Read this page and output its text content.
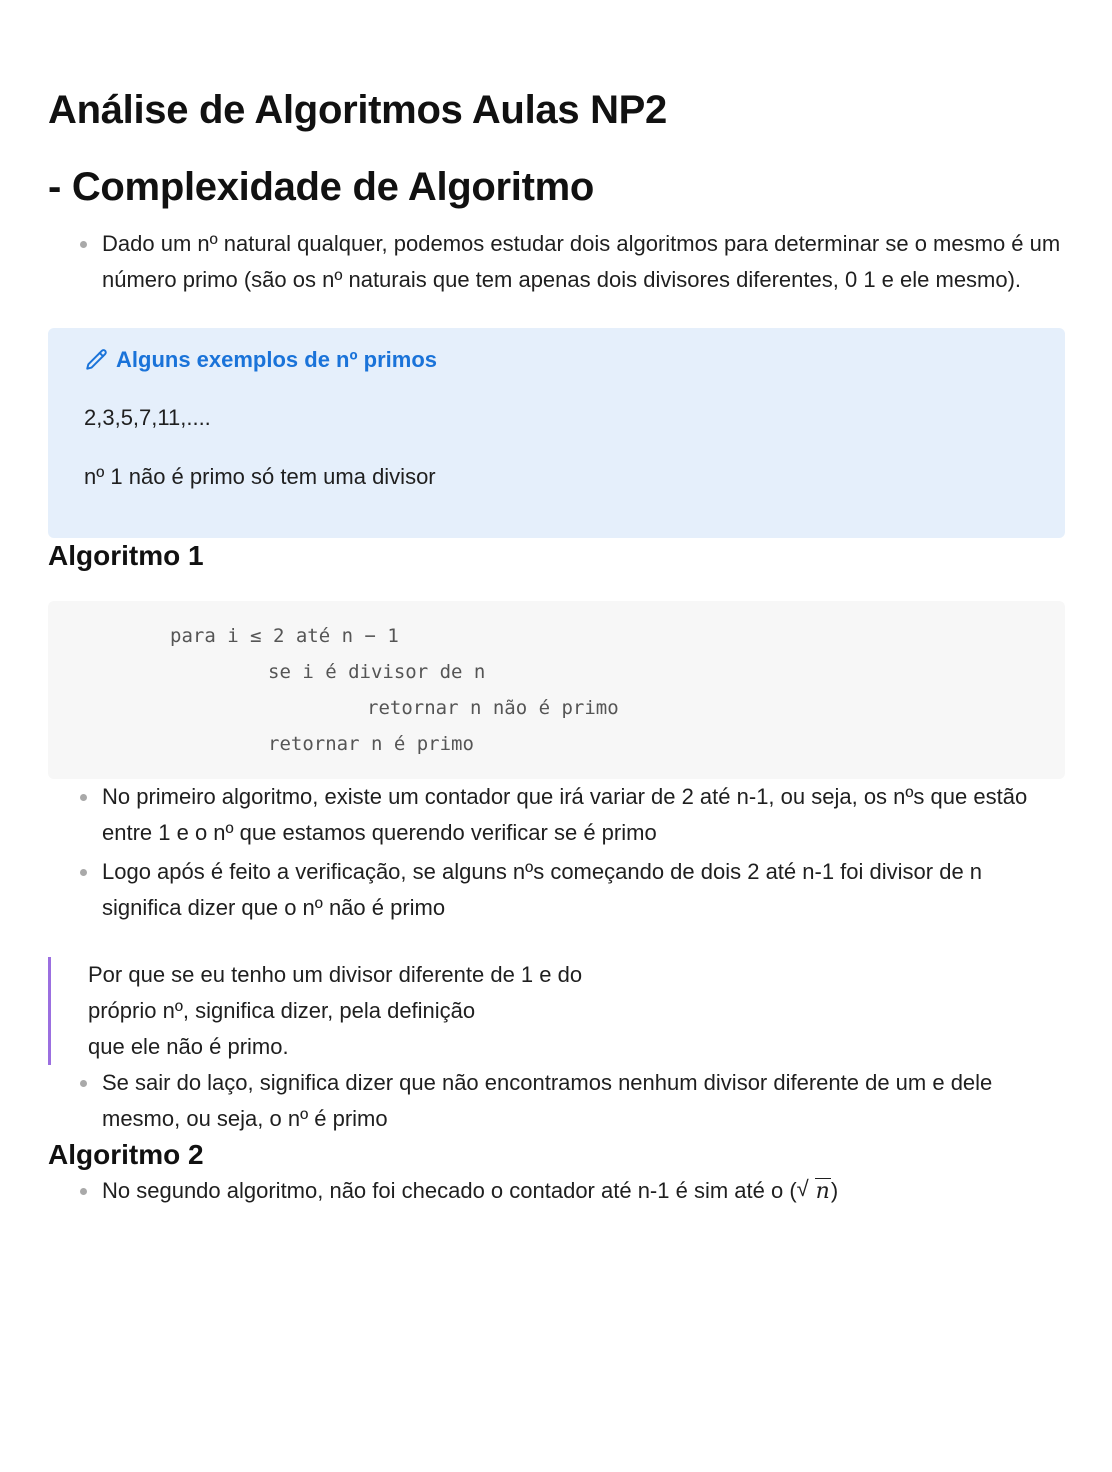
Análise de Algoritmos Aulas NP2
- Complexidade de Algoritmo
Dado um nº natural qualquer, podemos estudar dois algoritmos para determinar se o mesmo é um número primo (são os nº naturais que tem apenas dois divisores diferentes, 0 1 e ele mesmo).
Alguns exemplos de nº primos

2,3,5,7,11,....

nº 1 não é primo só tem uma divisor

Algoritmo 1
para i ≤ 2 até n − 1
se i é divisor de n
retornar n não é primo
retornar n é primo
No primeiro algoritmo, existe um contador que irá variar de 2 até n-1, ou seja, os nºs que estão entre 1 e o nº que estamos querendo verificar se é primo
Logo após é feito a verificação, se alguns nºs começando de dois 2 até n-1 foi divisor de n significa dizer que o nº não é primo
Por que se eu tenho um divisor diferente de 1 e do
próprio nº, significa dizer, pela definição
que ele não é primo.
Se sair do laço, significa dizer que não encontramos nenhum divisor diferente de um e dele mesmo, ou seja, o nº é primo
Algoritmo 2
No segundo algoritmo, não foi checado o contador até n-1 é sim até o ( √ n)
